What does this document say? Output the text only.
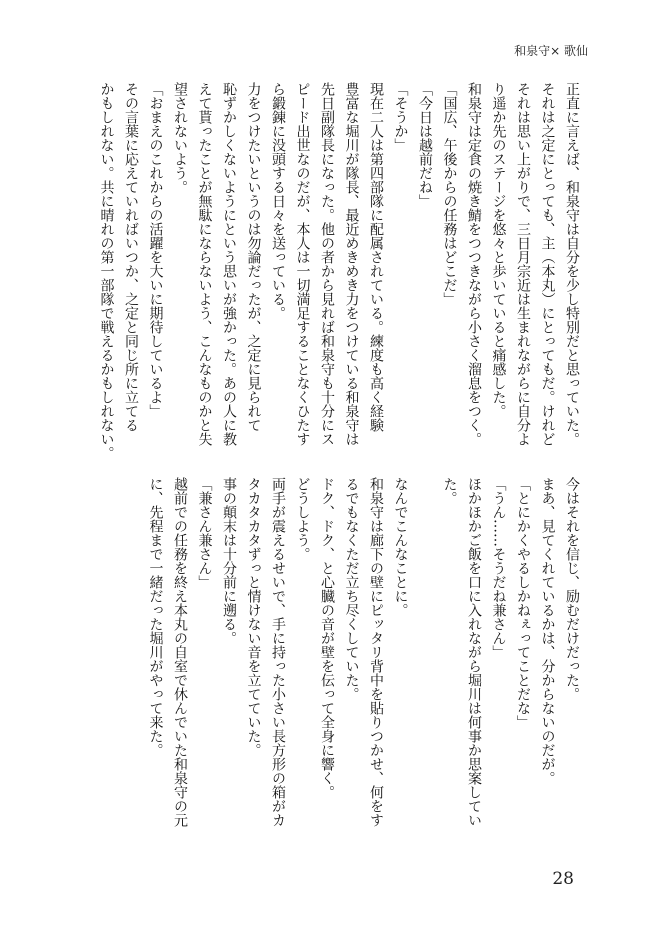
和泉守× 歌仙
正直に言えば、和泉守は自分を少し特別だと思っていた。
それは之定にとっても、主（本丸）にとってもだ。けれど
それは思い上がりで、三日月宗近は生まれながらに自分よ
り遥か先のステージを悠々と歩いていると痛感した。
和泉守は定食の焼き鯖をつつきながら小さく溜息をつく。
「国広、午後からの任務はどこだ」
「今日は越前だね」
「そうか」
現在二人は第四部隊に配属されている。練度も高く経験
豊富な堀川が隊長、最近めきめき力をつけている和泉守は
先日副隊長になった。他の者から見れば和泉守も十分にス
ピード出世なのだが、本人は一切満足することなくひたす
ら鍛錬に没頭する日々を送っている。
力をつけたいというのは勿論だったが、之定に見られて
恥ずかしくないようにという思いが強かった。あの人に教
えて貰ったことが無駄にならないよう、こんなものかと失
望されないよう。
「おまえのこれからの活躍を大いに期待しているよ」
その言葉に応えていればいつか、之定と同じ所に立てる
かもしれない。共に晴れの第一部隊で戦えるかもしれない。
今はそれを信じ、励むだけだった。
まあ、見てくれているかは、分からないのだが。
「とにかくやるしかねぇってことだな」
「うん……そうだね兼さん」
ほかほかご飯を口に入れながら堀川は何事か思案してい
た。

なんでこんなことに。
和泉守は廊下の壁にピッタリ背中を貼りつかせ、何をす
るでもなくただ立ち尽くしていた。
ドク、ドク、と心臓の音が壁を伝って全身に響く。
どうしよう。
両手が震えるせいで、手に持った小さい長方形の箱がカ
タカタカタずっと情けない音を立てていた。
事の顛末は十分前に遡る。
「兼さん兼さん」
越前での任務を終え本丸の自室で休んでいた和泉守の元
に、先程まで一緒だった堀川がやって来た。
28
